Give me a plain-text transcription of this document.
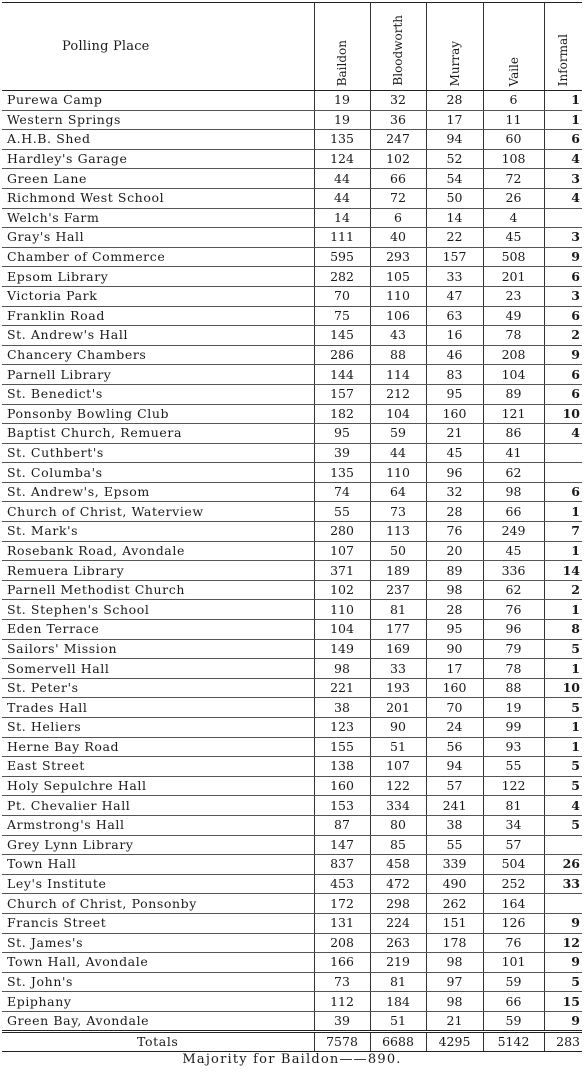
Polling Place	Baildon	Bloodworth	Murray	Vaile	Informal
Purewa Camp	19	32	28	6	1
Western Springs	19	36	17	11	1
A.H.B. Shed	135	247	94	60	6
Hardley's Garage	124	102	52	108	4
Green Lane	44	66	54	72	3
Richmond West School	44	72	50	26	4
Welch's Farm	14	6	14	4	
Gray's Hall	111	40	22	45	3
Chamber of Commerce	595	293	157	508	9
Epsom Library	282	105	33	201	6
Victoria Park	70	110	47	23	3
Franklin Road	75	106	63	49	6
St. Andrew's Hall	145	43	16	78	2
Chancery Chambers	286	88	46	208	9
Parnell Library	144	114	83	104	6
St. Benedict's	157	212	95	89	6
Ponsonby Bowling Club	182	104	160	121	10
Baptist Church, Remuera	95	59	21	86	4
St. Cuthbert's	39	44	45	41	
St. Columba's	135	110	96	62	
St. Andrew's, Epsom	74	64	32	98	6
Church of Christ, Waterview	55	73	28	66	1
St. Mark's	280	113	76	249	7
Rosebank Road, Avondale	107	50	20	45	1
Remuera Library	371	189	89	336	14
Parnell Methodist Church	102	237	98	62	2
St. Stephen's School	110	81	28	76	1
Eden Terrace	104	177	95	96	8
Sailors' Mission	149	169	90	79	5
Somervell Hall	98	33	17	78	1
St. Peter's	221	193	160	88	10
Trades Hall	38	201	70	19	5
St. Heliers	123	90	24	99	1
Herne Bay Road	155	51	56	93	1
East Street	138	107	94	55	5
Holy Sepulchre Hall	160	122	57	122	5
Pt. Chevalier Hall	153	334	241	81	4
Armstrong's Hall	87	80	38	34	5
Grey Lynn Library	147	85	55	57	
Town Hall	837	458	339	504	26
Ley's Institute	453	472	490	252	33
Church of Christ, Ponsonby	172	298	262	164	
Francis Street	131	224	151	126	9
St. James's	208	263	178	76	12
Town Hall, Avondale	166	219	98	101	9
St. John's	73	81	97	59	5
Epiphany	112	184	98	66	15
Green Bay, Avondale	39	51	21	59	9
Totals	7578	6688	4295	5142	283
Majority for Baildon——890.
